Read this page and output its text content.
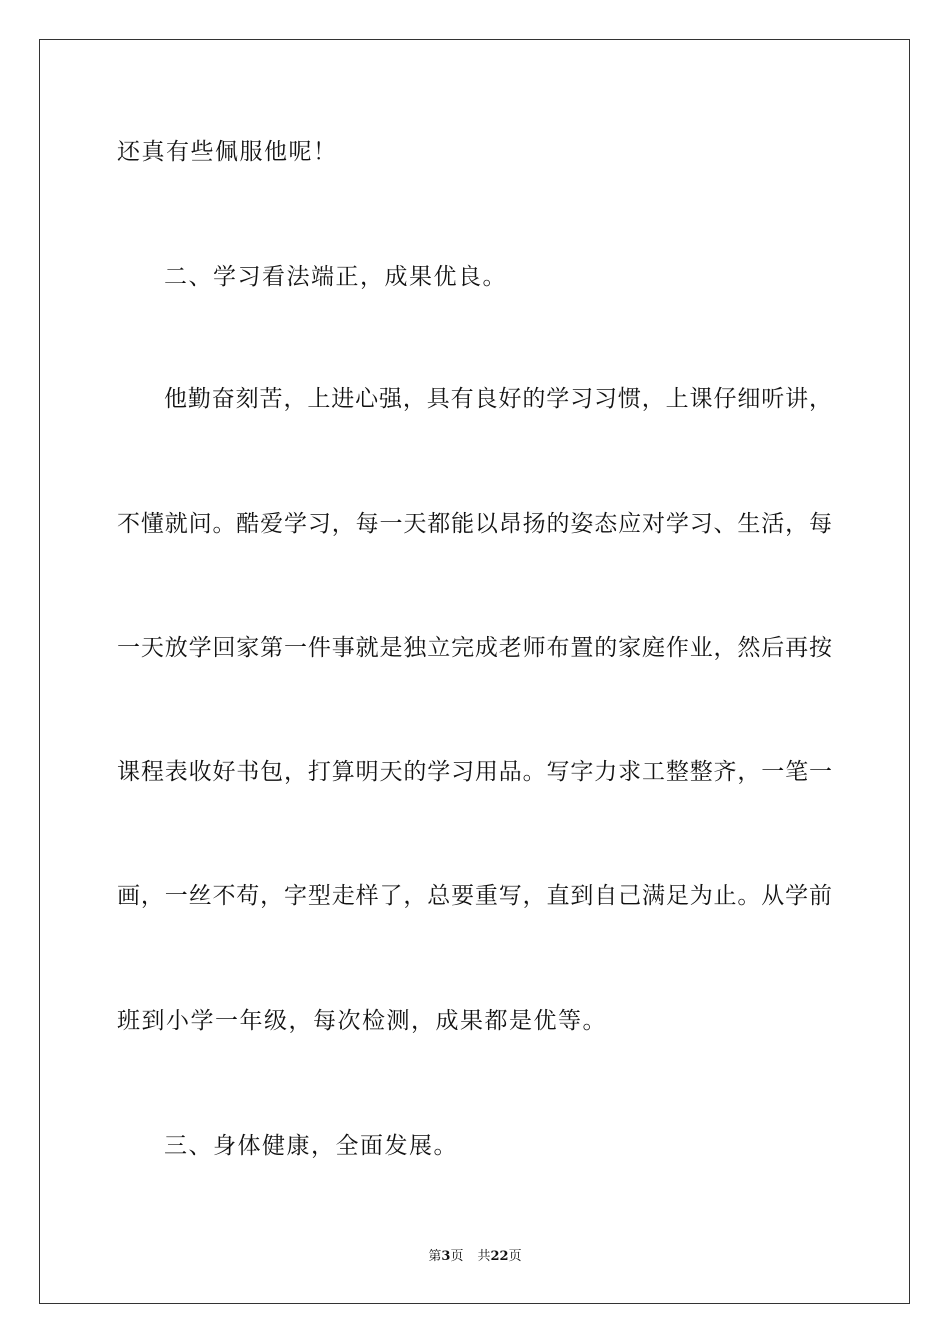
还真有些佩服他呢！
二、学习看法端正，成果优良。
他勤奋刻苦，上进心强，具有良好的学习习惯，上课仔细听讲，
不懂就问。酷爱学习，每一天都能以昂扬的姿态应对学习、生活，每
一天放学回家第一件事就是独立完成老师布置的家庭作业，然后再按
课程表收好书包，打算明天的学习用品。写字力求工整整齐，一笔一
画，一丝不苟，字型走样了，总要重写，直到自己满足为止。从学前
班到小学一年级，每次检测，成果都是优等。
三、身体健康，全面发展。
第3页 共22页
